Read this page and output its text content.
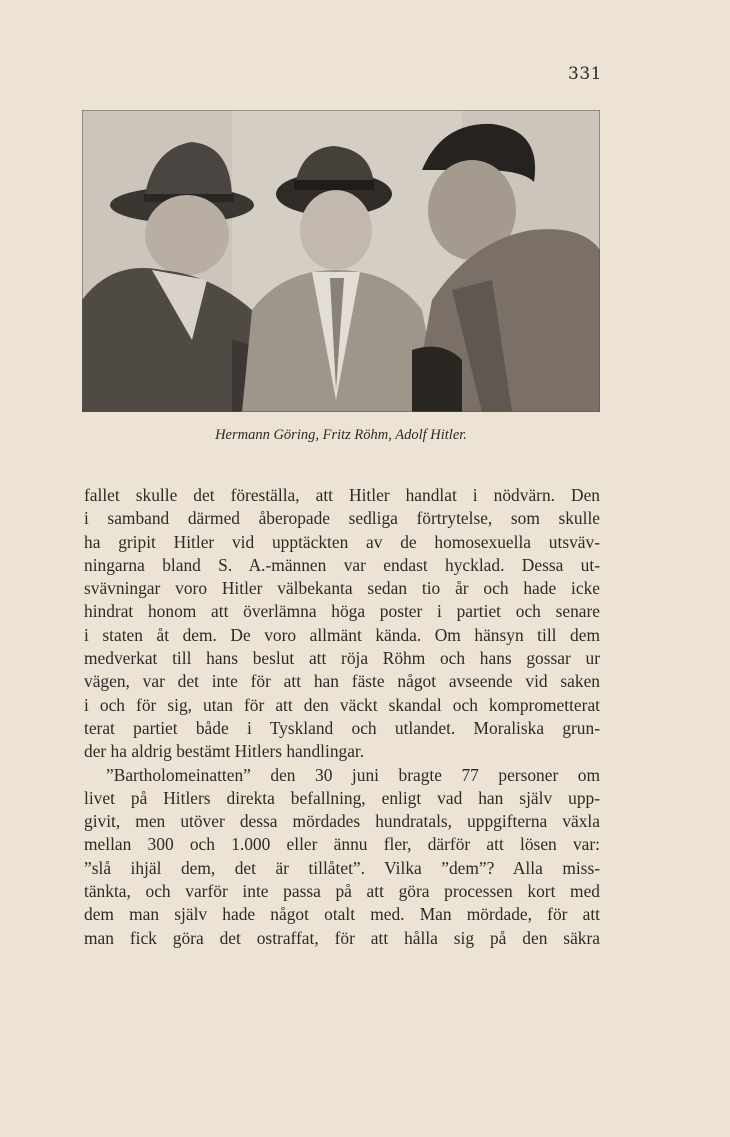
331
Hermann Göring, Fritz Röhm, Adolf Hitler.
fallet skulle det föreställa, att Hitler handlat i nödvärn. Den
i samband därmed åberopade sedliga förtrytelse, som skulle
ha gripit Hitler vid upptäckten av de homosexuella utsväv-
ningarna bland S. A.-männen var endast hycklad. Dessa ut-
svävningar voro Hitler välbekanta sedan tio år och hade icke
hindrat honom att överlämna höga poster i partiet och senare
i staten åt dem. De voro allmänt kända. Om hänsyn till dem
medverkat till hans beslut att röja Röhm och hans gossar ur
vägen, var det inte för att han fäste något avseende vid saken
i och för sig, utan för att den väckt skandal och komprometterat
terat partiet både i Tyskland och utlandet. Moraliska grun-
der ha aldrig bestämt Hitlers handlingar.
”Bartholomeinatten” den 30 juni bragte 77 personer om
livet på Hitlers direkta befallning, enligt vad han själv upp-
givit, men utöver dessa mördades hundratals, uppgifterna växla
mellan 300 och 1.000 eller ännu fler, därför att lösen var:
”slå ihjäl dem, det är tillåtet”. Vilka ”dem”? Alla miss-
tänkta, och varför inte passa på att göra processen kort med
dem man själv hade något otalt med. Man mördade, för att
man fick göra det ostraffat, för att hålla sig på den säkra
